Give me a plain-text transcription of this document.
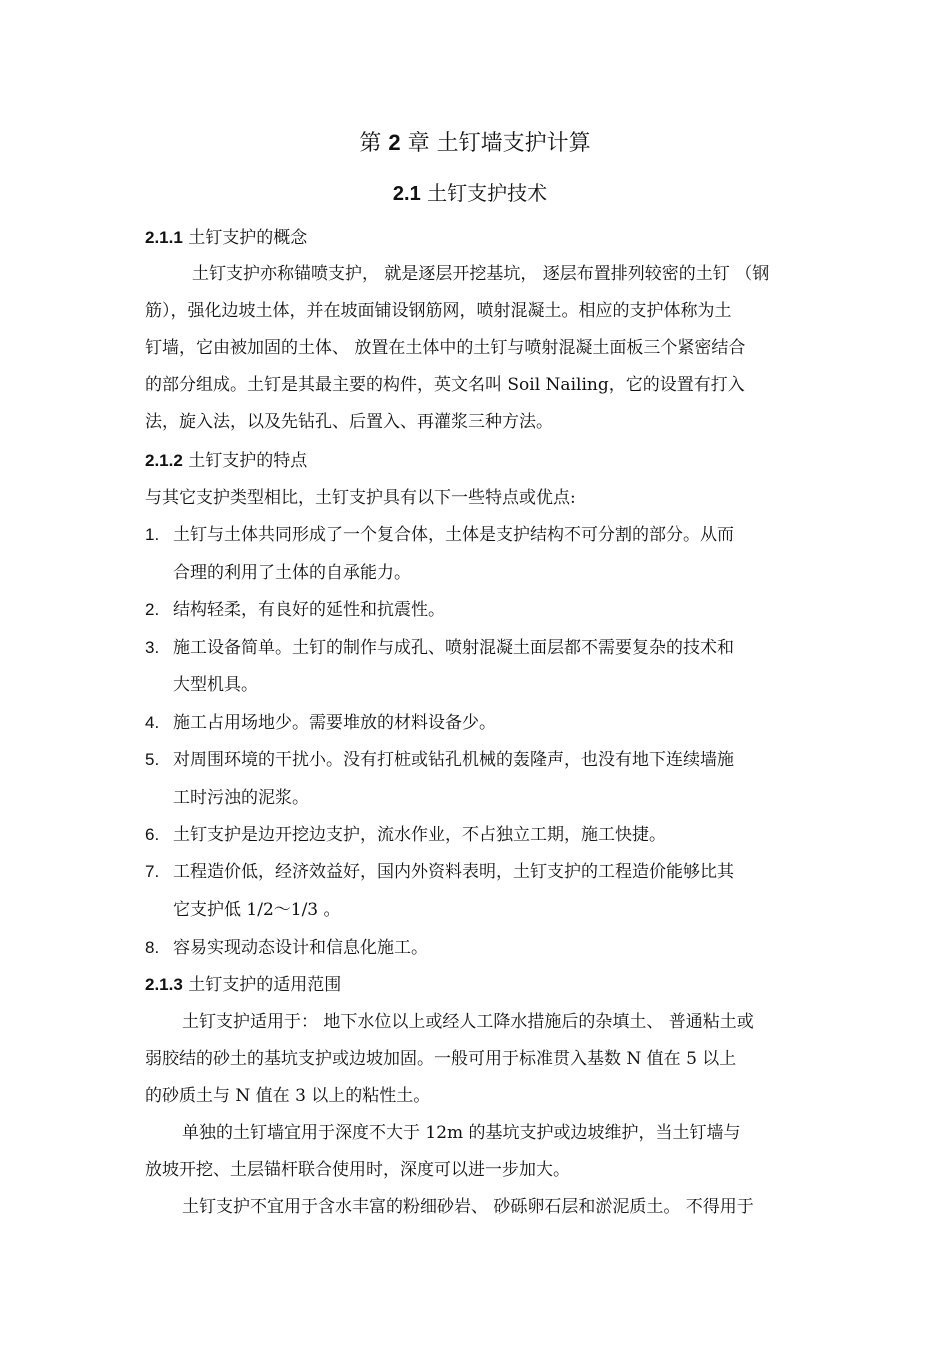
第 2 章 土钉墙支护计算
2.1 土钉支护技术
2.1.1 土钉支护的概念
土钉支护亦称锚喷支护， 就是逐层开挖基坑， 逐层布置排列较密的土钉 （钢
筋），强化边坡土体，并在坡面铺设钢筋网，喷射混凝土。相应的支护体称为土
钉墙，它由被加固的土体、 放置在土体中的土钉与喷射混凝土面板三个紧密结合
的部分组成。土钉是其最主要的构件，英文名叫 Soil Nailing，它的设置有打入
法，旋入法，以及先钻孔、后置入、再灌浆三种方法。
2.1.2 土钉支护的特点
与其它支护类型相比，土钉支护具有以下一些特点或优点:
1. 土钉与土体共同形成了一个复合体，土体是支护结构不可分割的部分。从而
合理的利用了土体的自承能力。
2. 结构轻柔，有良好的延性和抗震性。
3. 施工设备简单。土钉的制作与成孔、喷射混凝土面层都不需要复杂的技术和
大型机具。
4. 施工占用场地少。需要堆放的材料设备少。
5. 对周围环境的干扰小。没有打桩或钻孔机械的轰隆声，也没有地下连续墙施
工时污浊的泥浆。
6. 土钉支护是边开挖边支护，流水作业，不占独立工期，施工快捷。
7. 工程造价低，经济效益好，国内外资料表明，土钉支护的工程造价能够比其
它支护低 1/2～1/3 。
8. 容易实现动态设计和信息化施工。
2.1.3 土钉支护的适用范围
土钉支护适用于： 地下水位以上或经人工降水措施后的杂填土、 普通粘土或
弱胶结的砂土的基坑支护或边坡加固。一般可用于标准贯入基数 N 值在 5 以上
的砂质土与 N 值在 3 以上的粘性土。
单独的土钉墙宜用于深度不大于 12m 的基坑支护或边坡维护，当土钉墙与
放坡开挖、土层锚杆联合使用时，深度可以进一步加大。
土钉支护不宜用于含水丰富的粉细砂岩、 砂砾卵石层和淤泥质土。 不得用于
